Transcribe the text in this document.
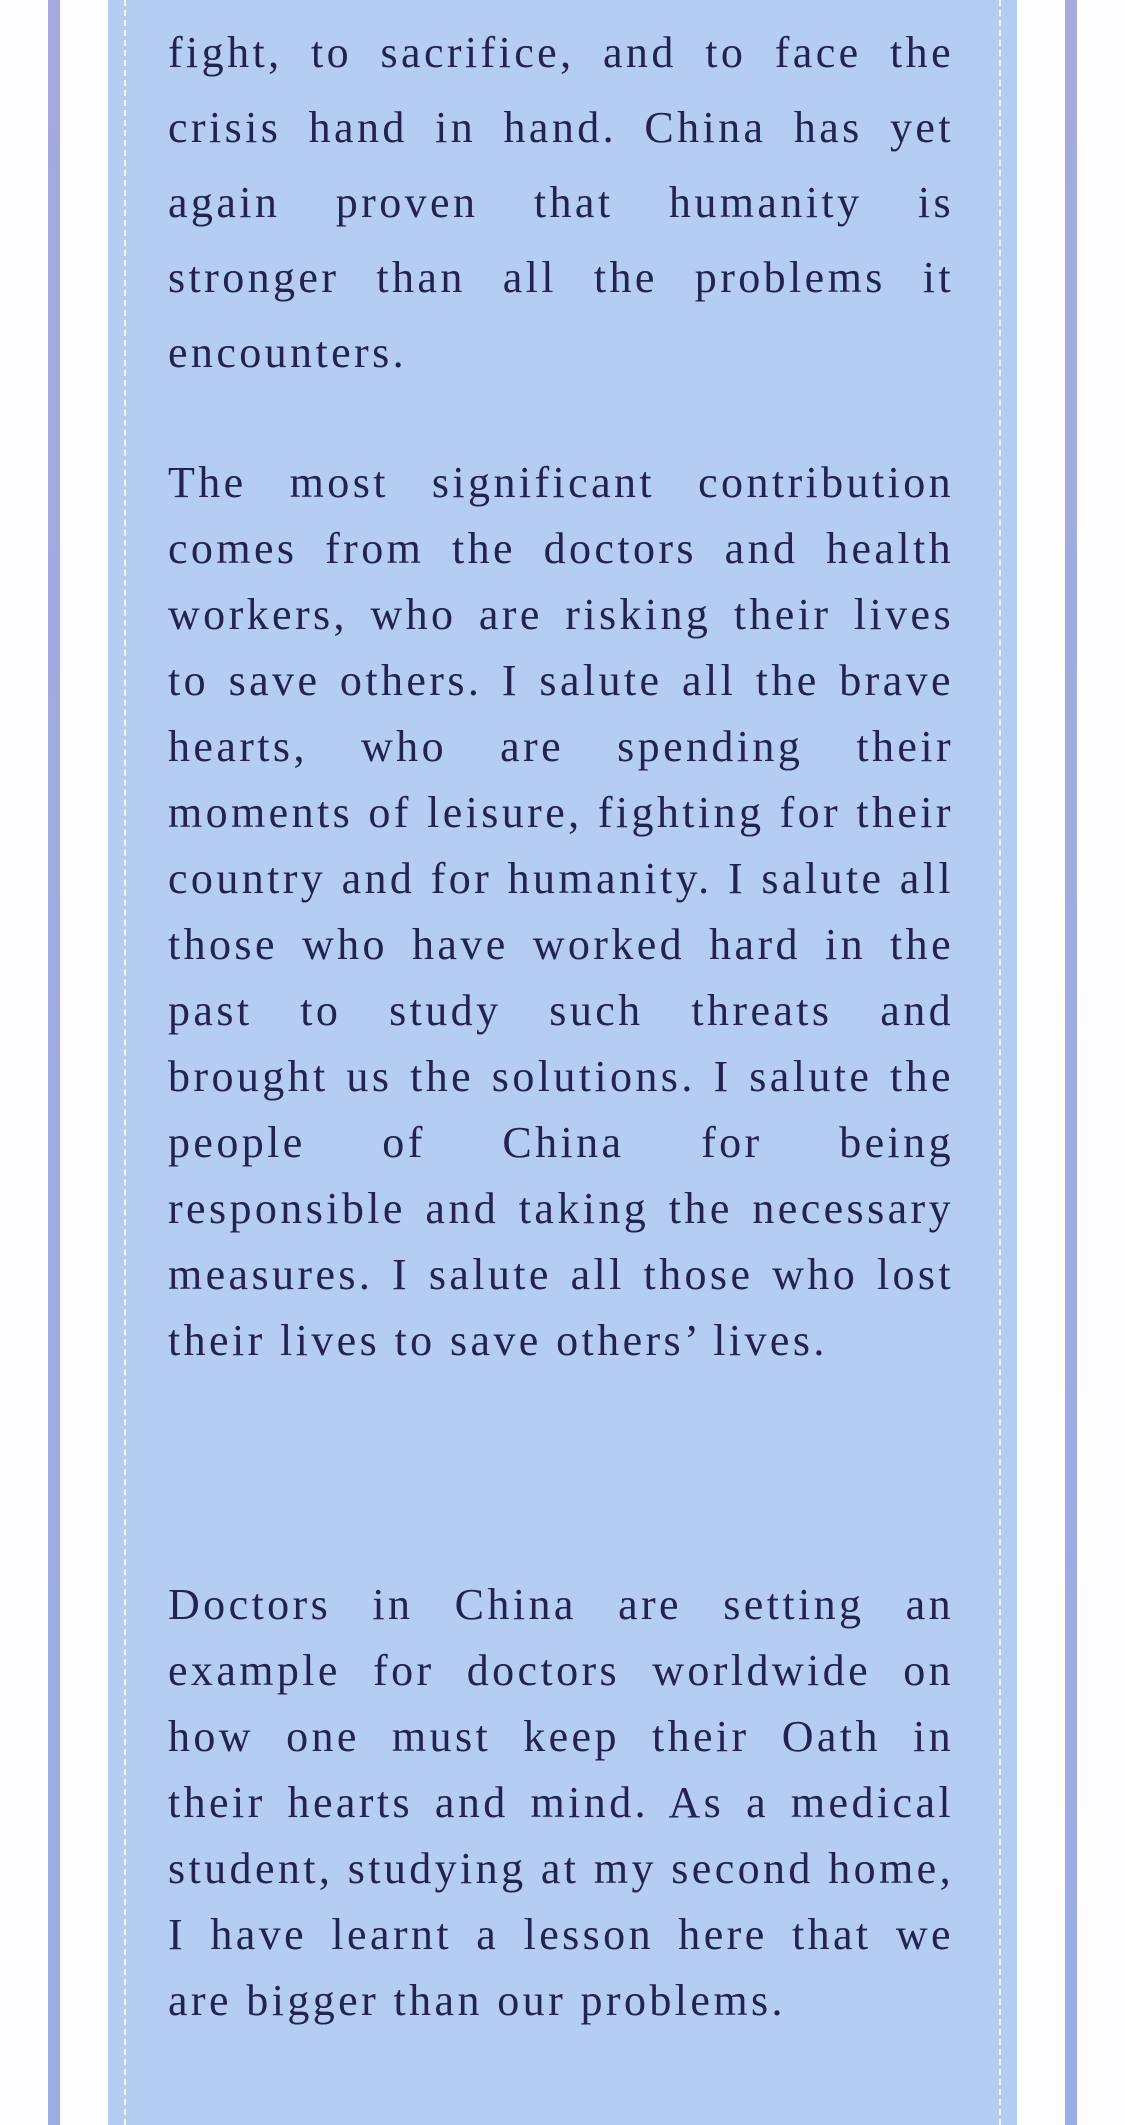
fight, to sacrifice, and to face the crisis hand in hand. China has yet again proven that humanity is stronger than all the problems it encounters.

The most significant contribution comes from the doctors and health workers, who are risking their lives to save others. I salute all the brave hearts, who are spending their moments of leisure, fighting for their country and for humanity. I salute all those who have worked hard in the past to study such threats and brought us the solutions. I salute the people of China for being responsible and taking the necessary measures. I salute all those who lost their lives to save others’ lives.

Doctors in China are setting an example for doctors worldwide on how one must keep their Oath in their hearts and mind. As a medical student, studying at my second home, I have learnt a lesson here that we are bigger than our problems.
